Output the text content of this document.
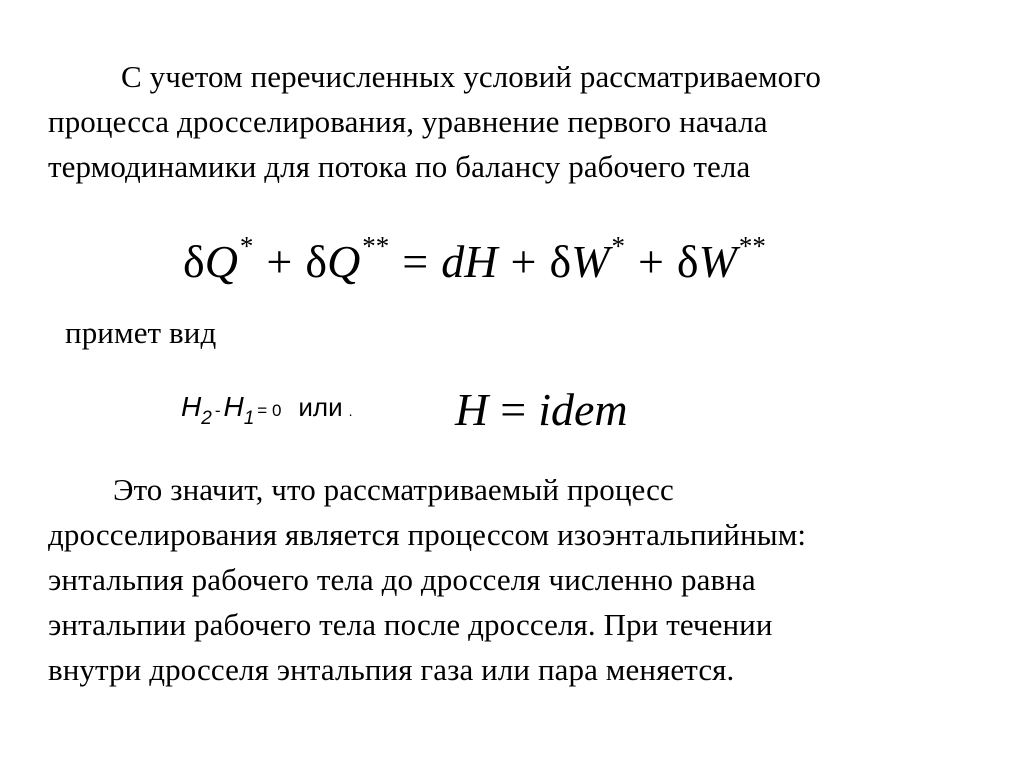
С учетом перечисленных условий рассматриваемого
процесса дросселирования, уравнение первого начала
термодинамики для потока по балансу рабочего тела
δQ* + δQ** = dH + δW* + δW**
примет вид
$H_2 - H_1 = 0$ или . H = idem
Это значит, что рассматриваемый процесс
дросселирования является процессом изоэнтальпийным:
энтальпия рабочего тела до дросселя численно равна
энтальпии рабочего тела после дросселя. При течении
внутри дросселя энтальпия газа или пара меняется.
